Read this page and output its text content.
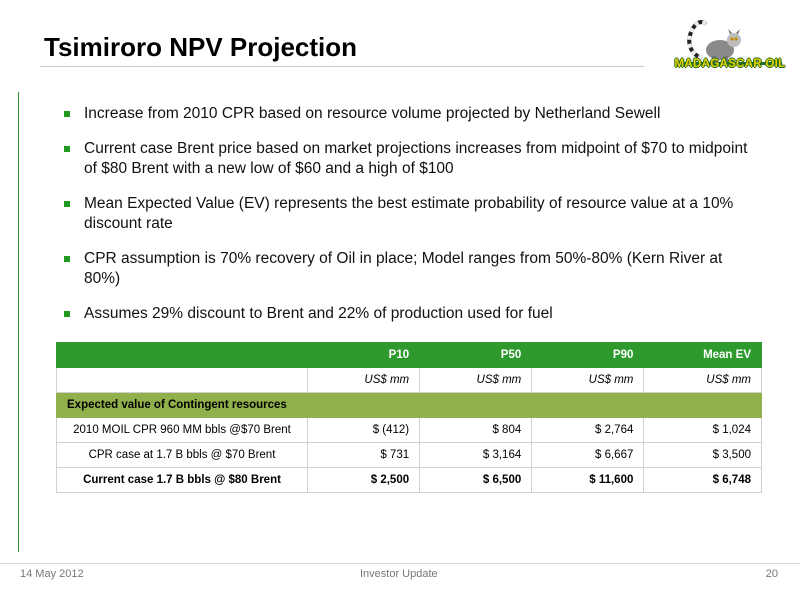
Tsimiroro NPV Projection
MADAGASCAR OIL
Increase from 2010 CPR based on resource volume projected by Netherland Sewell
Current case Brent price based on market projections increases from midpoint of $70 to midpoint of $80 Brent with a new low of $60 and a high of $100
Mean Expected Value (EV) represents the best estimate probability of resource value at a 10% discount rate
CPR assumption is 70% recovery of Oil in place; Model ranges from 50%-80% (Kern River at 80%)
Assumes 29% discount to Brent and 22% of production used for fuel
	P10	P50	P90	Mean EV
	US$ mm	US$ mm	US$ mm	US$ mm
Expected value of Contingent resources				
2010 MOIL CPR 960 MM bbls @$70 Brent	$ (412)	$ 804	$ 2,764	$ 1,024
CPR case at 1.7 B bbls @ $70 Brent	$ 731	$ 3,164	$ 6,667	$ 3,500
Current case 1.7 B bbls @ $80 Brent	$ 2,500	$ 6,500	$ 11,600	$ 6,748
14 May 2012	Investor Update	20
